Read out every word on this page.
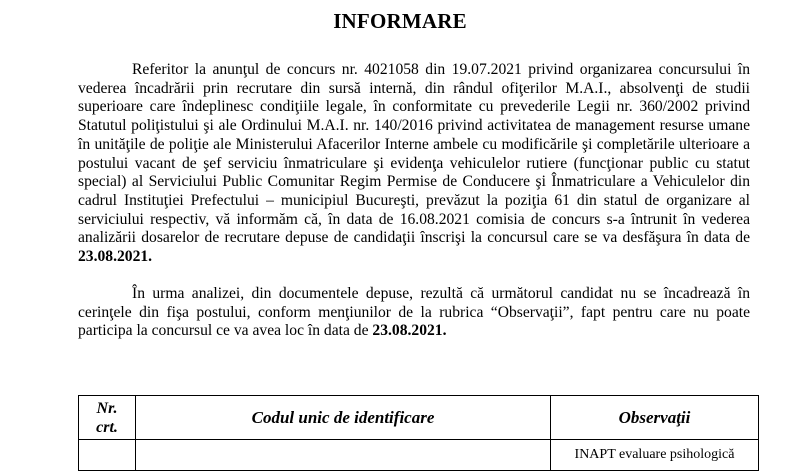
INFORMARE

Referitor la anunţul de concurs nr. 4021058 din 19.07.2021 privind organizarea concursului în vederea încadrării prin recrutare din sursă internă, din rândul ofiţerilor M.A.I., absolvenţi de studii superioare care îndeplinesc condiţiile legale, în conformitate cu prevederile Legii nr. 360/2002 privind Statutul poliţistului şi ale Ordinului M.A.I. nr. 140/2016 privind activitatea de management resurse umane în unităţile de poliţie ale Ministerului Afacerilor Interne ambele cu modificările şi completările ulterioare a postului vacant de şef serviciu înmatriculare şi evidenţa vehiculelor rutiere (funcţionar public cu statut special) al Serviciului Public Comunitar Regim Permise de Conducere şi Înmatriculare a Vehiculelor din cadrul Instituţiei Prefectului – municipiul Bucureşti, prevăzut la poziţia 61 din statul de organizare al serviciului respectiv, vă informăm că, în data de 16.08.2021 comisia de concurs s-a întrunit în vederea analizării dosarelor de recrutare depuse de candidaţii înscrişi la concursul care se va desfăşura în data de 23.08.2021.

În urma analizei, din documentele depuse, rezultă că următorul candidat nu se încadrează în cerinţele din fişa postului, conform menţiunilor de la rubrica “Observaţii”, fapt pentru care nu poate participa la concursul ce va avea loc în data de 23.08.2021.

Nr.
crt.	Codul unic de identificare	Observaţii
		INAPT evaluare psihologică
